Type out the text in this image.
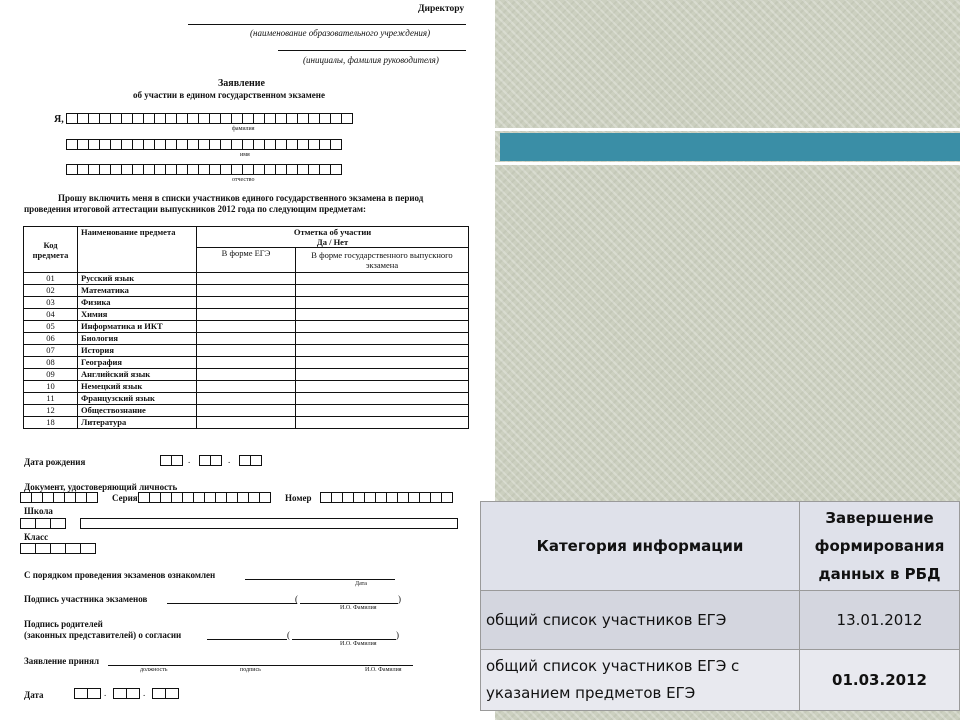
Директору
(наименование образовательного учреждения)
(инициалы, фамилия руководителя)
Заявление
об участии в едином государственном экзамене
Я,
фамилия
имя
отчество
Прошу включить меня в списки участников единого государственного экзамена в период
проведения итоговой аттестации выпускников 2012 года по следующим предметам:
Код предмета	Наименование предмета	Отметка об участии
Да / Нет	
		В форме ЕГЭ	В форме государственного выпускного экзамена
01	Русский язык		
02	Математика		
03	Физика		
04	Химия		
05	Информатика и ИКТ		
06	Биология		
07	История		
08	География		
09	Английский язык		
10	Немецкий язык		
11	Французский язык		
12	Обществознание		
18	Литература		
Дата рождения	.	.
Документ, удостоверяющий личность
Серия	Номер
Школа
Класс
С порядком проведения экзаменов ознакомлен
Дата
Подпись участника экзаменов	(	)
И.О. Фамилия
Подпись родителей
(законных представителей) о согласии	(	)
И.О. Фамилия
Заявление принял
должность	подпись	И.О. Фамилия
Дата	.	.
Категория информации	Завершение формирования данных в РБД
общий список участников ЕГЭ	13.01.2012
общий список участников ЕГЭ с указанием предметов ЕГЭ	01.03.2012
